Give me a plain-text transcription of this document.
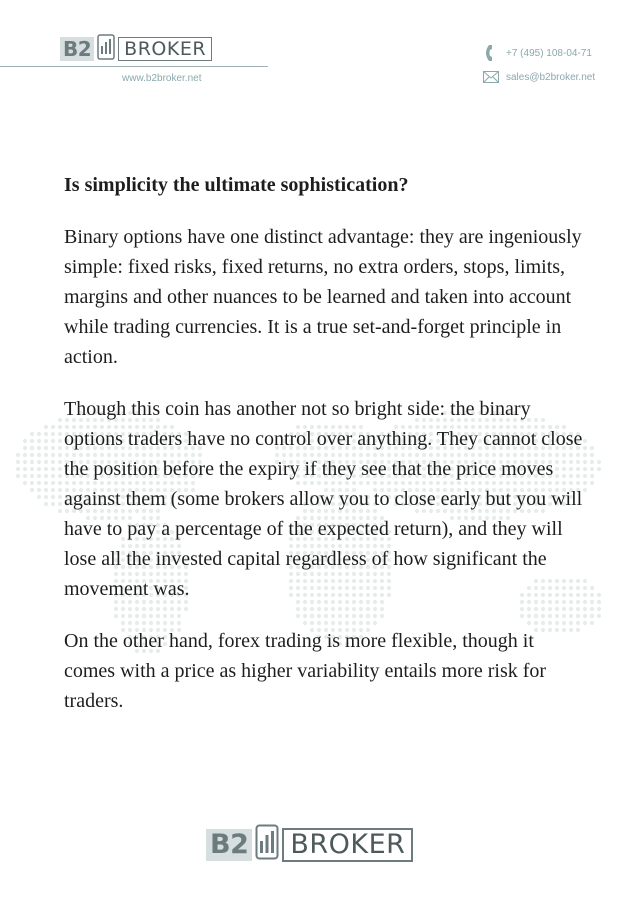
B2	BROKER
www.b2broker.net
+7 (495) 108-04-71
sales@b2broker.net
Is simplicity the ultimate sophistication?

Binary options have one distinct advantage: they are ingeniously simple: fixed risks, fixed returns, no extra orders, stops, limits, margins and other nuances to be learned and taken into account while trading currencies. It is a true set-and-forget principle in action.

Though this coin has another not so bright side: the binary options traders have no control over anything. They cannot close the position before the expiry if they see that the price moves against them (some brokers allow you to close early but you will have to pay a percentage of the expected return), and they will lose all the invested capital regardless of how significant the movement was.

On the other hand, forex trading is more flexible, though it comes with a price as higher variability entails more risk for traders.

B2 BROKER
